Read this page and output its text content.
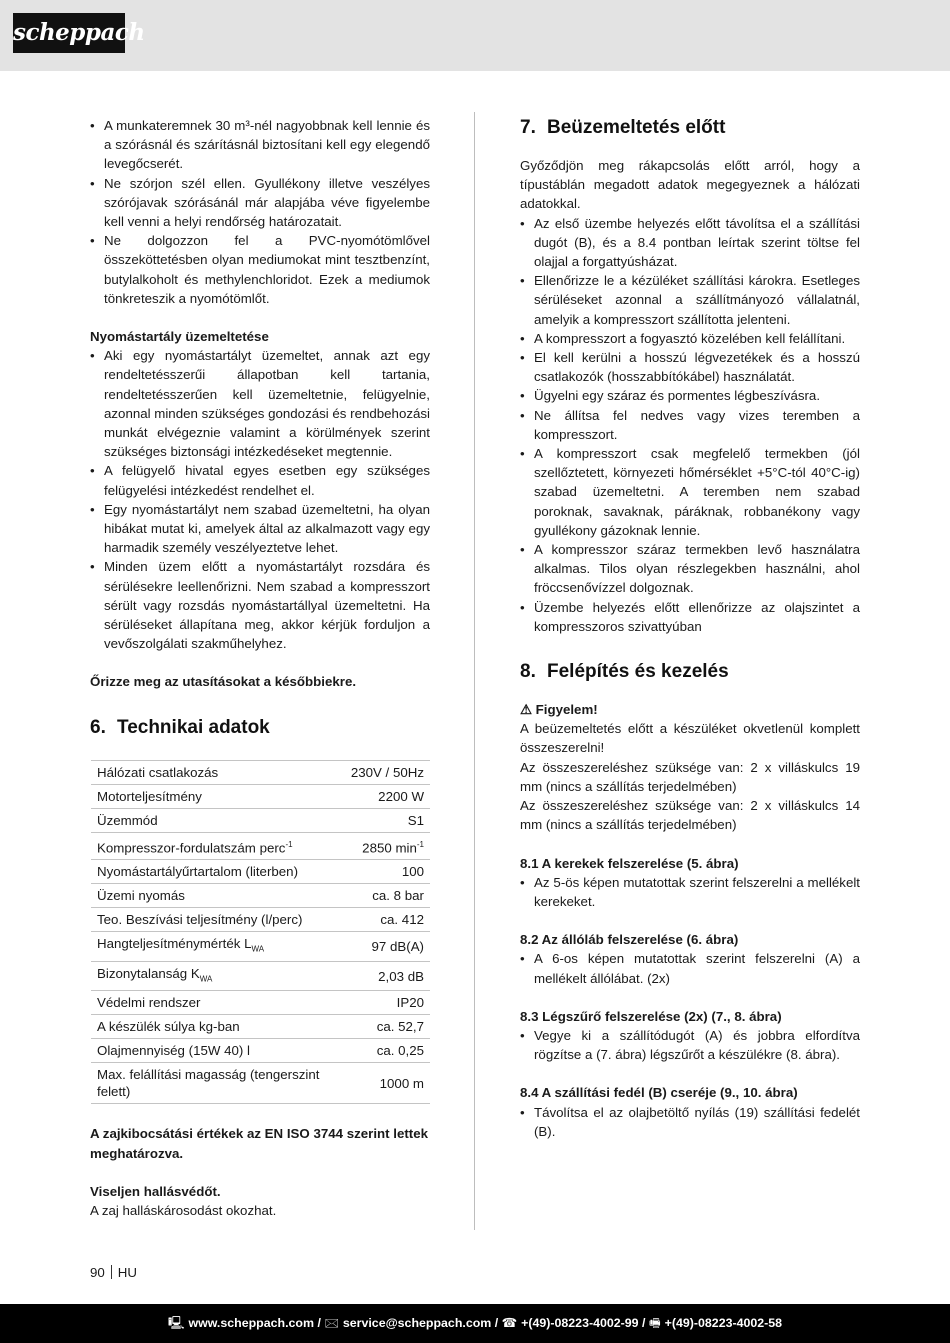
scheppach
• A munkateremnek 30 m³-nél nagyobbnak kell lennie és a szórásnál és szárításnál biztosítani kell egy elegendő levegőcserét.
• Ne szórjon szél ellen. Gyullékony illetve veszélyes szórójavak szórásánál már alapjába véve figyelembe kell venni a helyi rendőrség határozatait.
• Ne dolgozzon fel a PVC-nyomótömlővel összeköttetésben olyan mediumokat mint tesztbenzínt, butylalkoholt és methylenchloridot. Ezek a mediumok tönkreteszik a nyomótömlőt.

Nyomástartály üzemeltetése

• Aki egy nyomástartályt üzemeltet, annak azt egy rendeltetésszerűi állapotban kell tartania, rendeltetésszerűen kell üzemeltetnie, felügyelnie, azonnal minden szükséges gondozási és rendbehozási munkát elvégeznie valamint a körülmények szerint szükséges biztonsági intézkedéseket megtennie.
• A felügyelő hivatal egyes esetben egy szükséges felügyelési intézkedést rendelhet el.
• Egy nyomástartályt nem szabad üzemeltetni, ha olyan hibákat mutat ki, amelyek által az alkalmazott vagy egy harmadik személy veszélyeztetve lehet.
• Minden üzem előtt a nyomástartályt rozsdára és sérülésekre leellenőrizni. Nem szabad a kompresszort sérült vagy rozsdás nyomástartállyal üzemeltetni. Ha sérüléseket állapítana meg, akkor kérjük forduljon a vevőszolgálati szakműhelyhez.

Őrizze meg az utasításokat a későbbiekre.

6. Technikai adatok
Hálózati csatlakozás	230V / 50Hz
Motorteljesítmény	2200 W
Üzemmód	S1
Kompresszor-fordulatszám perc$^{-1}$	2850 $\min^{-1}$
Nyomástartályűrtartalom (literben)	100
Üzemi nyomás	ca. 8 bar
Teo. Beszívási teljesítmény (l/perc)	ca. 412
Hangteljesítménymérték $L_{WA}$	97 dB(A)
Bizonytalanság $K_{WA}$	2,03 dB
Védelmi rendszer	IP20
A készülék súlya kg-ban	ca. 52,7
Olajmennyiség (15W 40) l	ca. 0,25
Max. felállítási magasság (tengerszint felett)	1000 m

A zajkibocsátási értékek az EN ISO 3744 szerint lettek meghatározva.

Viseljen hallásvédőt.

A zaj halláskárosodást okozhat.

7. Beüzemeltetés előtt

Győződjön meg rákapcsolás előtt arról, hogy a típustáblán megadott adatok megegyeznek a hálózati adatokkal.

• Az első üzembe helyezés előtt távolítsa el a szállítási dugót (B), és a 8.4 pontban leírtak szerint töltse fel olajjal a forgattyúsházat.
• Ellenőrizze le a kézüléket szállítási károkra. Esetleges sérüléseket azonnal a szállítmányozó vállalatnál, amelyik a kompresszort szállította jelenteni.
• A kompresszort a fogyasztó közelében kell felállítani.
• El kell kerülni a hosszú légvezetékek és a hosszú csatlakozók (hosszabbítókábel) használatát.
• Ügyelni egy száraz és pormentes légbeszívásra.
• Ne állítsa fel nedves vagy vizes teremben a kompresszort.
• A kompresszort csak megfelelő termekben (jól szellőztetett, környezeti hőmérséklet +5°C-tól 40°C-ig) szabad üzemeltetni. A teremben nem szabad poroknak, savaknak, páráknak, robbanékony vagy gyullékony gázoknak lennie.
• A kompresszor száraz termekben levő használatra alkalmas. Tilos olyan részlegekben használni, ahol fröccsenővízzel dolgoznak.
• Üzembe helyezés előtt ellenőrizze az olajszintet a kompresszoros szivattyúban
8. Felépítés és kezelés

⚠ Figyelem!

A beüzemeltetés előtt a készüléket okvetlenül komplett összeszerelni!

Az összeszereléshez szüksége van: 2 x villáskulcs 19 mm (nincs a szállítás terjedelmében)

Az összeszereléshez szüksége van: 2 x villáskulcs 14 mm (nincs a szállítás terjedelmében)

8.1 A kerekek felszerelése (5. ábra)

• Az 5-ös képen mutatottak szerint felszerelni a mellékelt kerekeket.

8.2 Az állóláb felszerelése (6. ábra)

• A 6-os képen mutatottak szerint felszerelni (A) a mellékelt állólábat. (2x)

8.3 Légszűrő felszerelése (2x) (7., 8. ábra)

• Vegye ki a szállítódugót (A) és jobbra elfordítva rögzítse a (7. ábra) légszűrőt a készülékre (8. ábra).

8.4 A szállítási fedél (B) cseréje (9., 10. ábra)

• Távolítsa el az olajbetöltő nyílás (19) szállítási fedelét (B).
90 HU
🖳 www.scheppach.com / 🖂 service@scheppach.com / ☎ +(49)-08223-4002-99 / 🖷 +(49)-08223-4002-58
